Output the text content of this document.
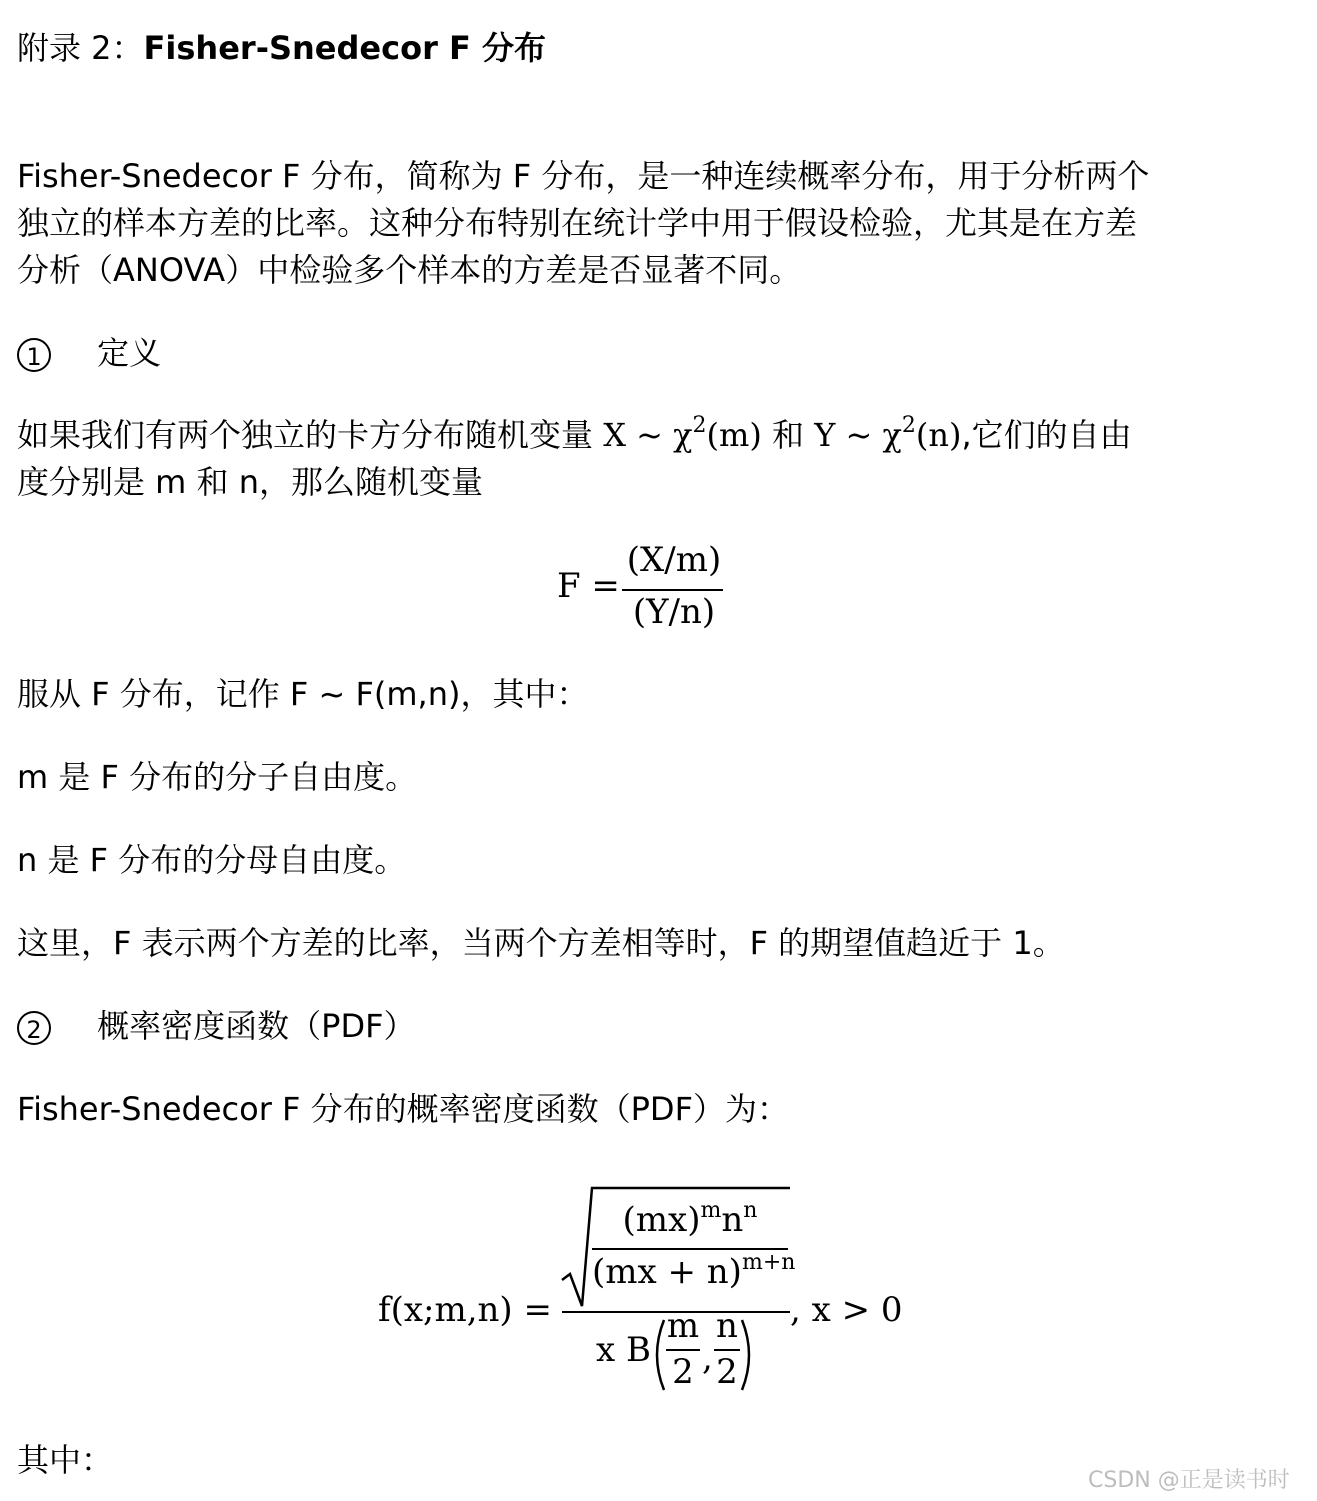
附录 2：Fisher-Snedecor F 分布
Fisher-Snedecor F 分布，简称为 F 分布，是一种连续概率分布，用于分析两个
独立的样本方差的比率。这种分布特别在统计学中用于假设检验，尤其是在方差
分析（ANOVA）中检验多个样本的方差是否显著不同。
1 定义
如果我们有两个独立的卡方分布随机变量 X ~ $\chi^2(m)$ 和 Y ~ $\chi^2(n)$,它们的自由
度分别是 m 和 n，那么随机变量
F =
(X/m)
(Y/n)
服从 F 分布，记作 F ~ F(m,n)，其中：
m 是 F 分布的分子自由度。
n 是 F 分布的分母自由度。
这里，F 表示两个方差的比率，当两个方差相等时，F 的期望值趋近于 1。
2 概率密度函数（PDF）
Fisher-Snedecor F 分布的概率密度函数（PDF）为：
f(x;m,n) =
$(mx)^mn^n$
(mx + n)$^{m+n}$
x B
m
2 ,
n
2
, x > 0
其中：
CSDN @正是读书时
